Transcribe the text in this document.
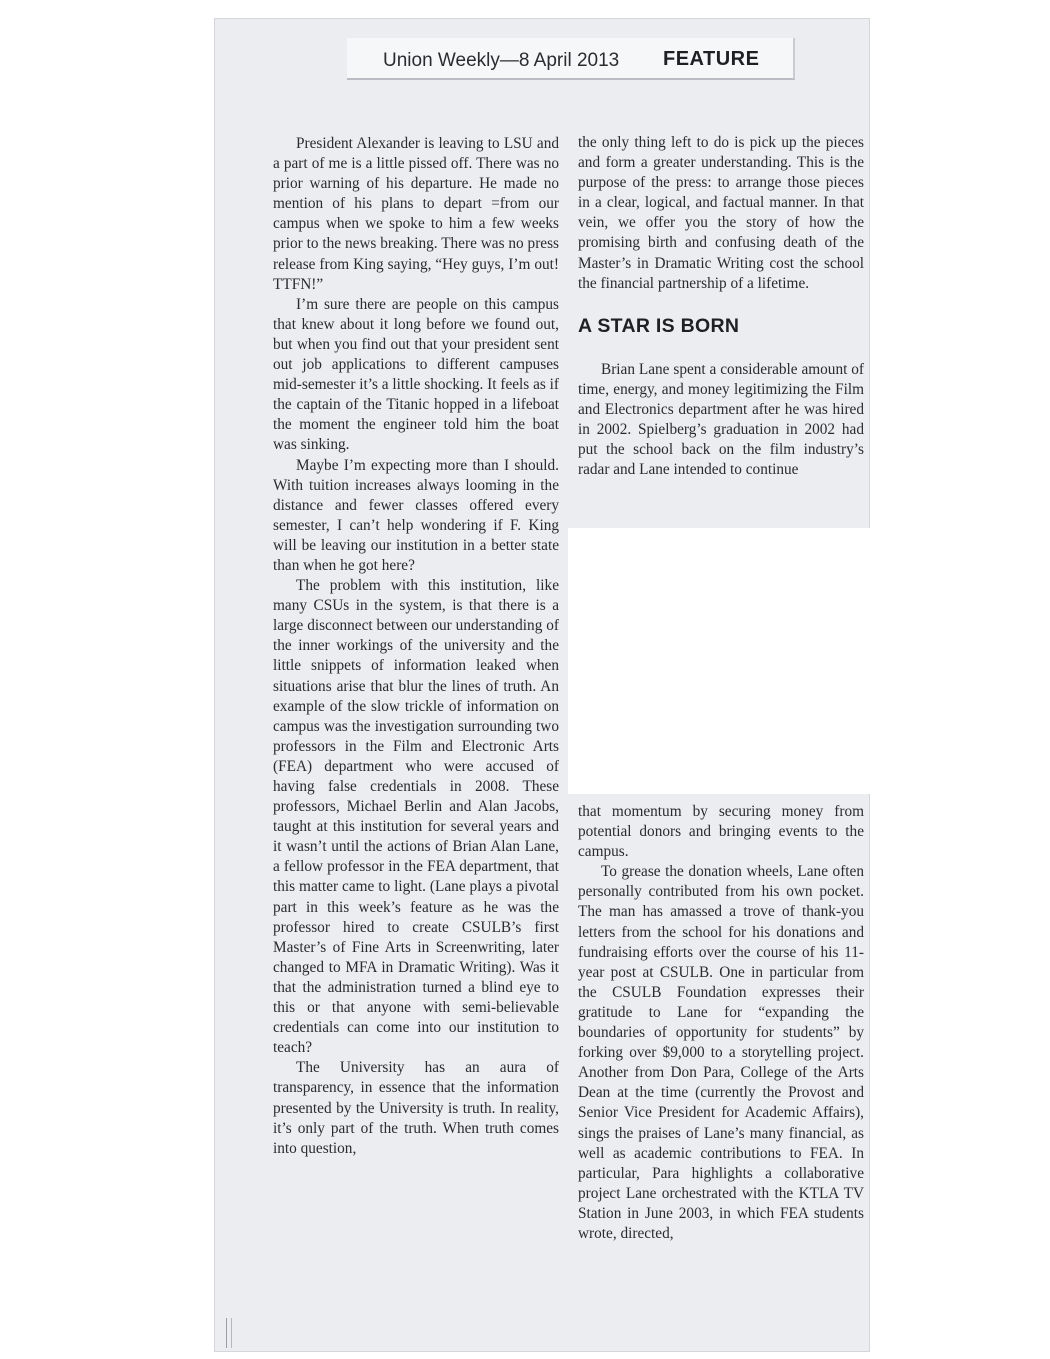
Union Weekly—8 April 2013 FEATURE

President Alexander is leaving to LSU and a part of me is a little pissed off. There was no prior warning of his departure. He made no mention of his plans to depart =from our campus when we spoke to him a few weeks prior to the news breaking. There was no press release from King saying, “Hey guys, I’m out! TTFN!”

I’m sure there are people on this campus that knew about it long before we found out, but when you find out that your president sent out job applications to different campuses mid-semester it’s a little shocking. It feels as if the captain of the Titanic hopped in a lifeboat the moment the engineer told him the boat was sinking.

Maybe I’m expecting more than I should. With tuition increases always looming in the distance and fewer classes offered every semester, I can’t help wondering if F. King will be leaving our institution in a better state than when he got here?

The problem with this institution, like many CSUs in the system, is that there is a large disconnect between our understanding of the inner workings of the university and the little snippets of information leaked when situations arise that blur the lines of truth. An example of the slow trickle of information on campus was the investigation surrounding two professors in the Film and Electronic Arts (FEA) department who were accused of having false credentials in 2008. These professors, Michael Berlin and Alan Jacobs, taught at this institution for several years and it wasn’t until the actions of Brian Alan Lane, a fellow professor in the FEA department, that this matter came to light. (Lane plays a pivotal part in this week’s feature as he was the professor hired to create CSULB’s first Master’s of Fine Arts in Screenwriting, later changed to MFA in Dramatic Writing). Was it that the administration turned a blind eye to this or that anyone with semi-believable credentials can come into our institution to teach?

The University has an aura of transparency, in essence that the information presented by the University is truth. In reality, it’s only part of the truth. When truth comes into question,

the only thing left to do is pick up the pieces and form a greater understanding. This is the purpose of the press: to arrange those pieces in a clear, logical, and factual manner. In that vein, we offer you the story of how the promising birth and confusing death of the Master’s in Dramatic Writing cost the school the financial partnership of a lifetime.

A STAR IS BORN

Brian Lane spent a considerable amount of time, energy, and money legitimizing the Film and Electronics department after he was hired in 2002. Spielberg’s graduation in 2002 had put the school back on the film industry’s radar and Lane intended to continue

that momentum by securing money from potential donors and bringing events to the campus.

To grease the donation wheels, Lane often personally contributed from his own pocket. The man has amassed a trove of thank-you letters from the school for his donations and fundraising efforts over the course of his 11-year post at CSULB. One in particular from the CSULB Foundation expresses their gratitude to Lane for “expanding the boundaries of opportunity for students” by forking over $9,000 to a storytelling project. Another from Don Para, College of the Arts Dean at the time (currently the Provost and Senior Vice President for Academic Affairs), sings the praises of Lane’s many financial, as well as academic contributions to FEA. In particular, Para highlights a collaborative project Lane orchestrated with the KTLA TV Station in June 2003, in which FEA students wrote, directed,
